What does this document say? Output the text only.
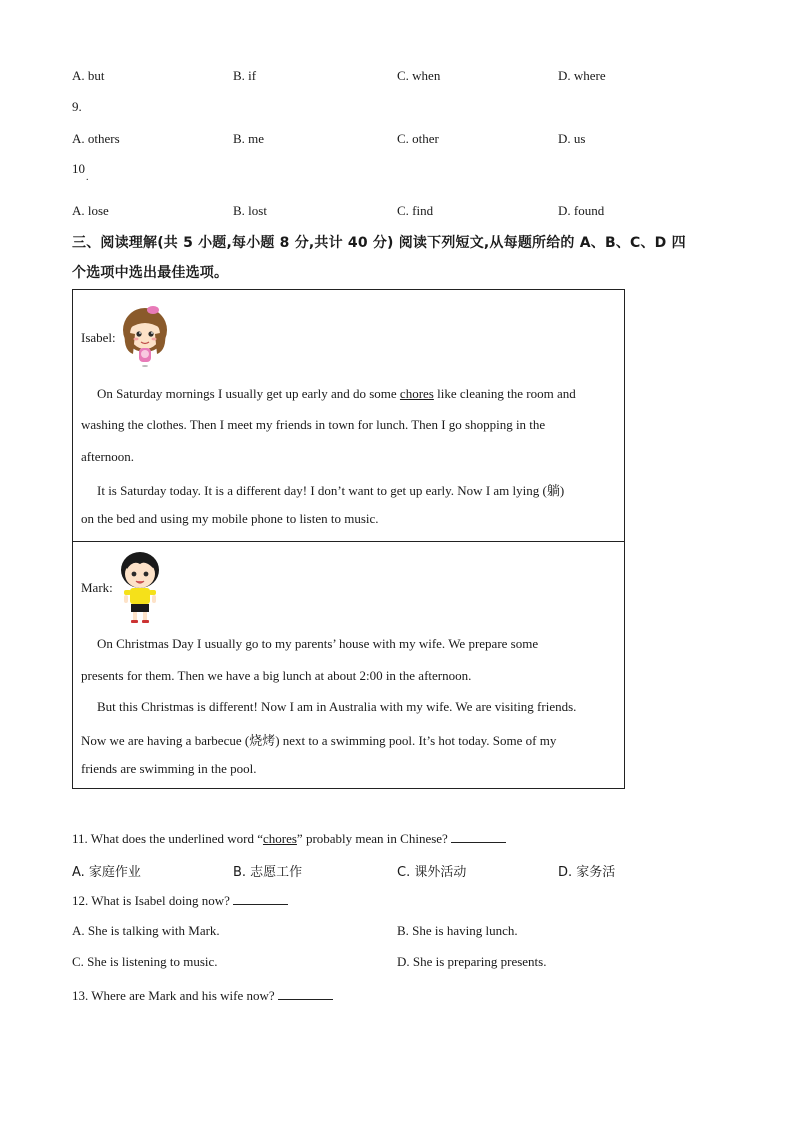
A. but	B. if	C. when	D. where
9.
A. others	B. me	C. other	D. us
10
.
A. lose	B. lost	C. find	D. found
三、阅读理解(共 5 小题,每小题 8 分,共计 40 分) 阅读下列短文,从每题所给的 A、B、C、D 四
个选项中选出最佳选项。
Isabel:
On Saturday mornings I usually get up early and do some chores like cleaning the room and
washing the clothes. Then I meet my friends in town for lunch. Then I go shopping in the
afternoon.
It is Saturday today. It is a different day! I don’t want to get up early. Now I am lying (躺)
on the bed and using my mobile phone to listen to music.
Mark:
On Christmas Day I usually go to my parents’ house with my wife. We prepare some
presents for them. Then we have a big lunch at about 2:00 in the afternoon.
But this Christmas is different! Now I am in Australia with my wife. We are visiting friends.
Now we are having a barbecue (烧烤) next to a swimming pool. It’s hot today. Some of my
friends are swimming in the pool.
11. What does the underlined word “chores” probably mean in Chinese?
A. 家庭作业	B. 志愿工作	C. 课外活动	D. 家务活
12. What is Isabel doing now?
A. She is talking with Mark.	B. She is having lunch.
C. She is listening to music.	D. She is preparing presents.
13. Where are Mark and his wife now?
